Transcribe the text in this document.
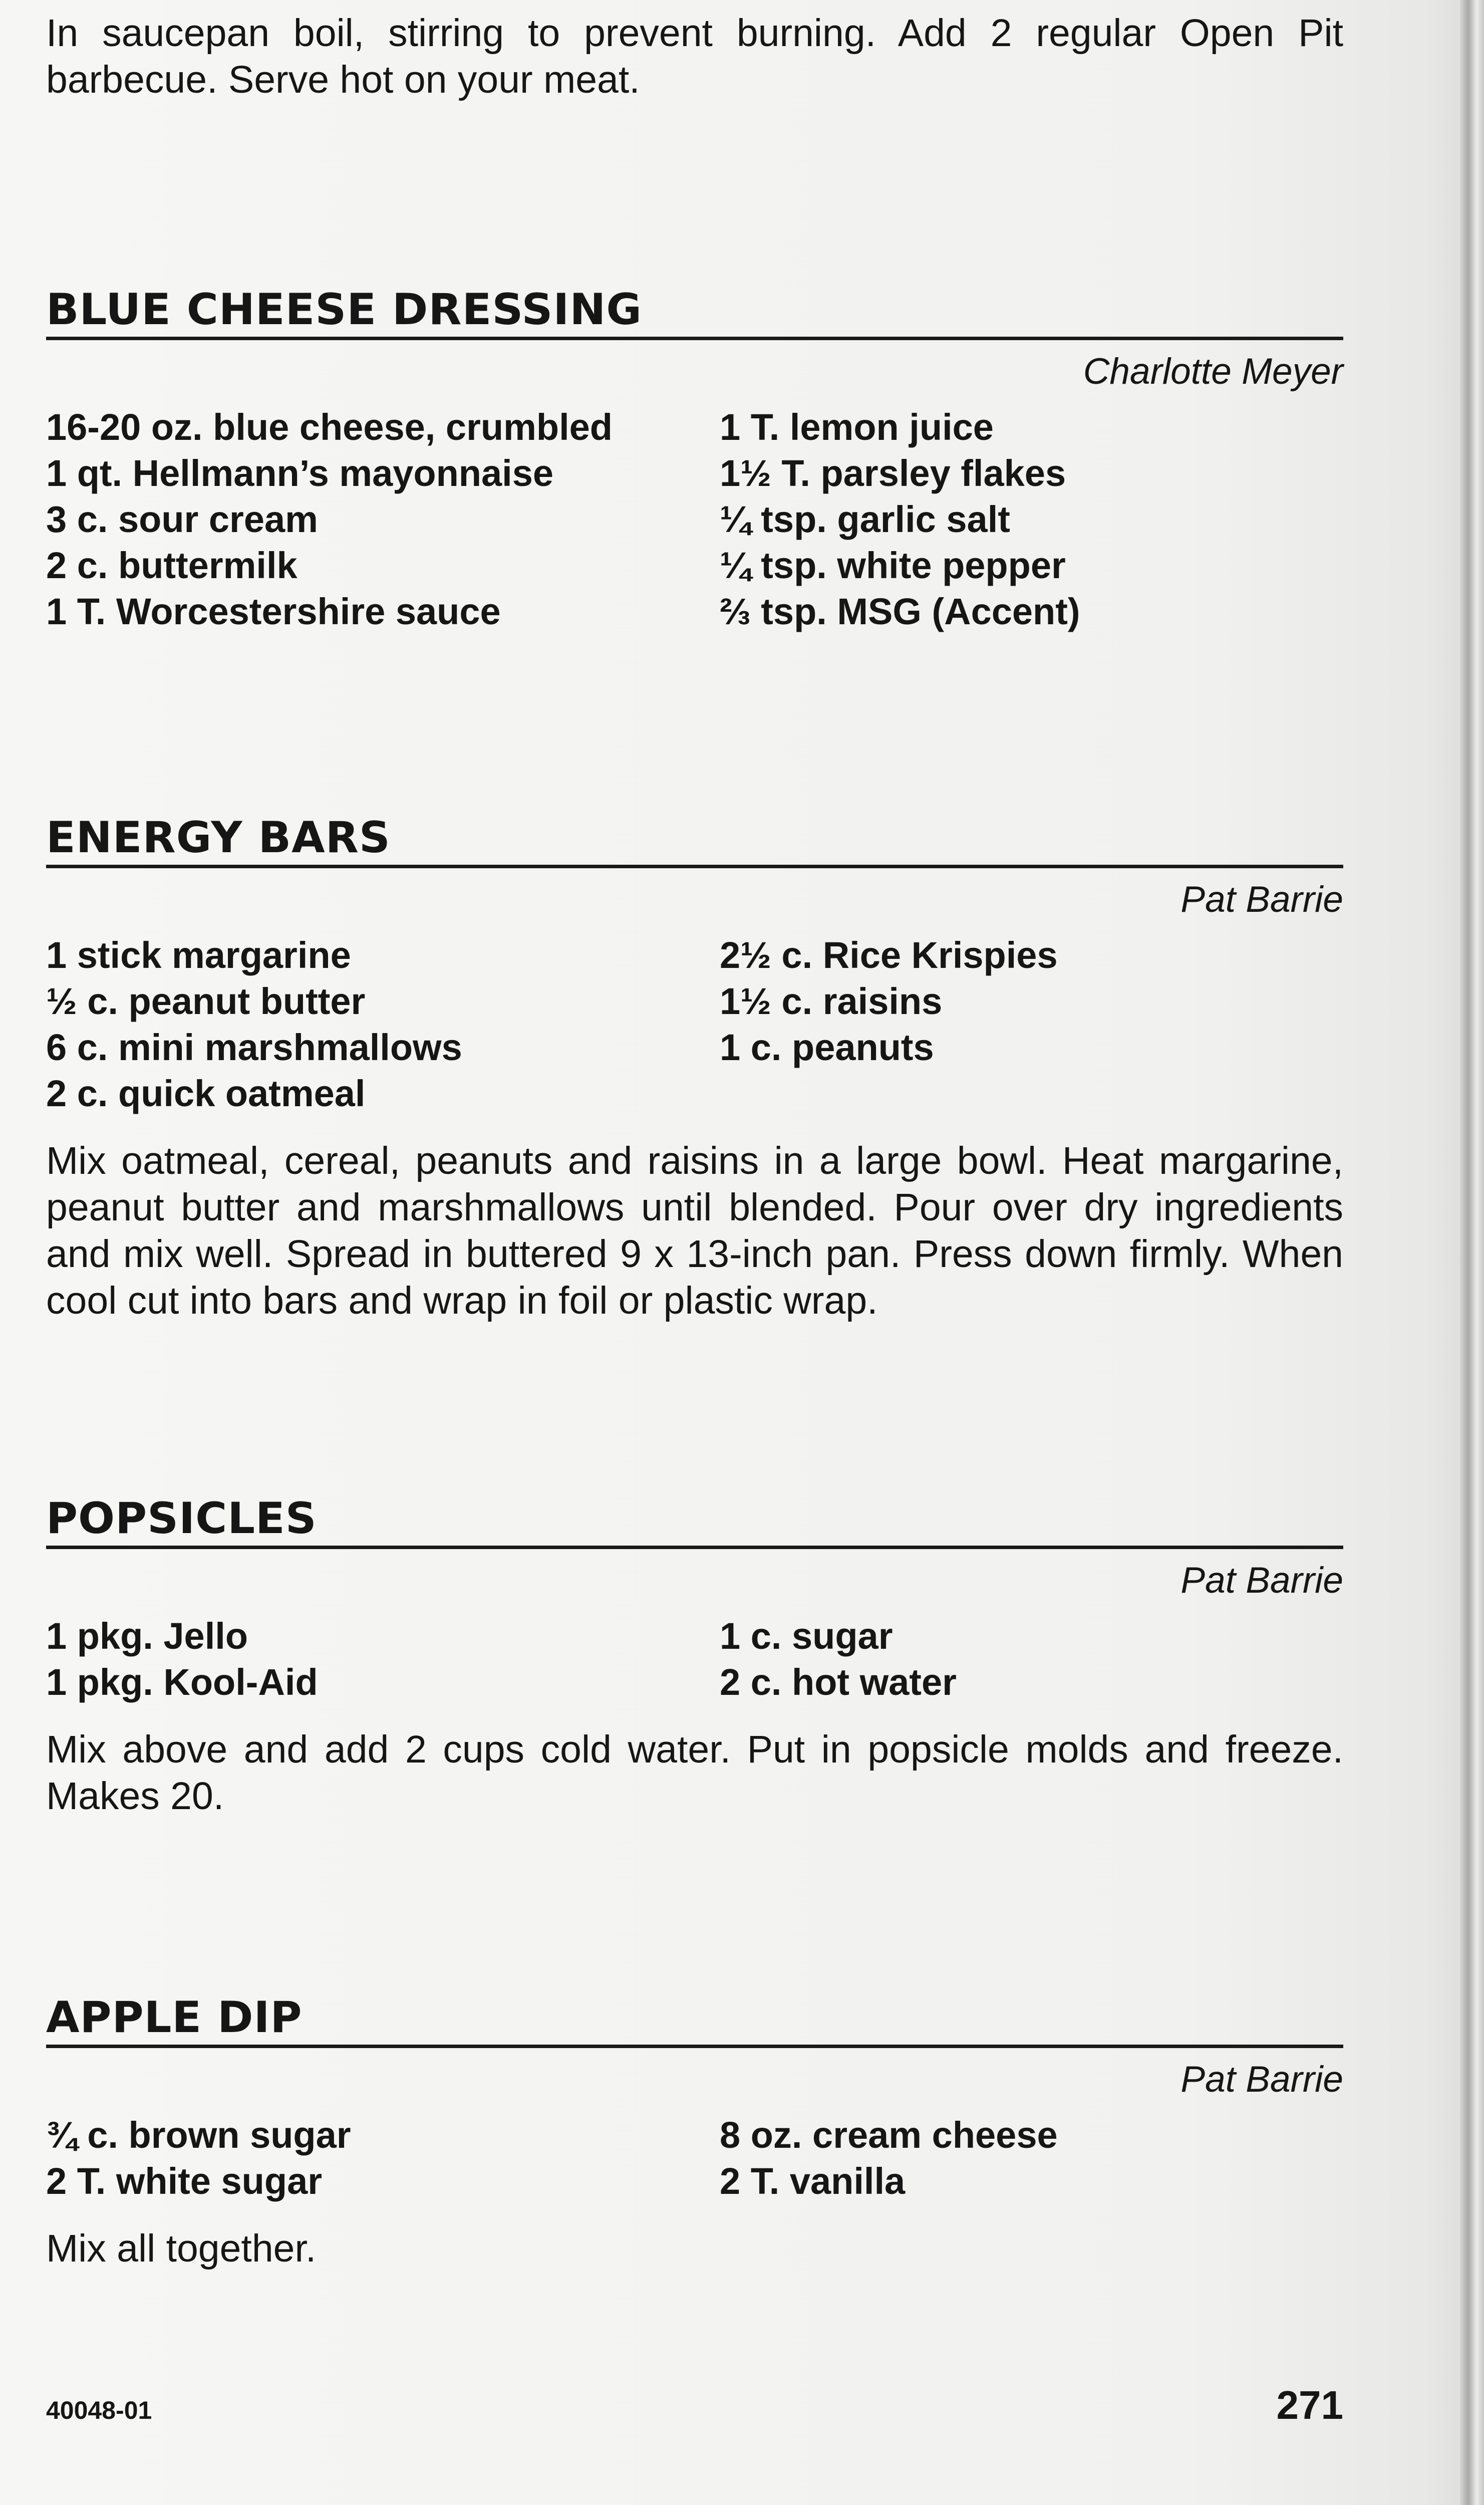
In saucepan boil, stirring to prevent burning. Add 2 regular Open Pit barbecue. Serve hot on your meat.

BLUE CHEESE DRESSING
Charlotte Meyer
16-20 oz. blue cheese, crumbled
1 qt. Hellmann’s mayonnaise
3 c. sour cream
2 c. buttermilk
1 T. Worcestershire sauce
1 T. lemon juice
1½ T. parsley flakes
¼ tsp. garlic salt
¼ tsp. white pepper
⅔ tsp. MSG (Accent)
ENERGY BARS
Pat Barrie
1 stick margarine
½ c. peanut butter
6 c. mini marshmallows
2 c. quick oatmeal
2½ c. Rice Krispies
1½ c. raisins
1 c. peanuts

Mix oatmeal, cereal, peanuts and raisins in a large bowl. Heat margarine, peanut butter and marshmallows until blended. Pour over dry ingredients and mix well. Spread in buttered 9 x 13-inch pan. Press down firmly. When cool cut into bars and wrap in foil or plastic wrap.

POPSICLES
Pat Barrie
1 pkg. Jello
1 pkg. Kool-Aid
1 c. sugar
2 c. hot water

Mix above and add 2 cups cold water. Put in popsicle molds and freeze. Makes 20.

APPLE DIP
Pat Barrie
¾ c. brown sugar
2 T. white sugar
8 oz. cream cheese
2 T. vanilla

Mix all together.

40048-01	271
